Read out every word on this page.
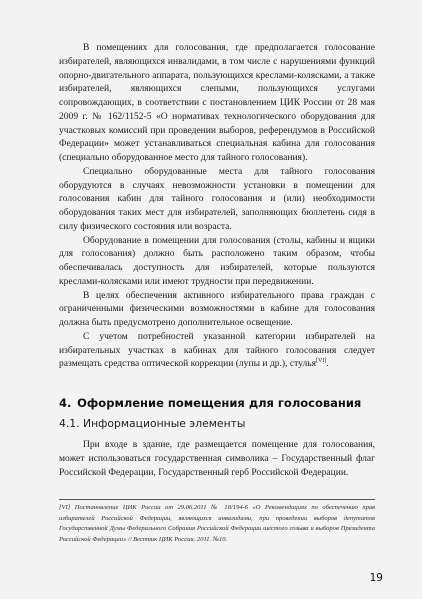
В помещениях для голосования, где предполагается голосование избирателей, являющихся инвалидами, в том числе с нарушениями функций опорно-двигательного аппарата, пользующихся креслами-колясками, а также избирателей, являющихся слепыми, пользующихся услугами сопровождающих, в соответствии с постановлением ЦИК России от 28 мая 2009 г. № 162/1152-5 «О нормативах технологического оборудования для участковых комиссий при проведении выборов, референдумов в Российской Федерации» может устанавливаться специальная кабина для голосования (специально оборудованное место для тайного голосования).

Специально оборудованные места для тайного голосования оборудуются в случаях невозможности установки в помещении для голосования кабин для тайного голосования и (или) необходимости оборудования таких мест для избирателей, заполняющих бюллетень сидя в силу физического состояния или возраста.

Оборудование в помещении для голосования (столы, кабины и ящики для голосования) должно быть расположено таким образом, чтобы обеспечивалась доступность для избирателей, которые пользуются креслами-колясками или имеют трудности при передвижении.

В целях обеспечения активного избирательного права граждан с ограниченными физическими возможностями в кабине для голосования должна быть предусмотрено дополнительное освещение.

С учетом потребностей указанной категории избирателей на избирательных участках в кабинах для тайного голосования следует размещать средства оптической коррекции (лупы и др.), стулья[VI].

4. Оформление помещения для голосования
4.1. Информационные элементы

При входе в здание, где размещается помещение для голосования, может использоваться государственная символика – Государственный флаг Российской Федерации, Государственный герб Российской Федерации.

[VI] Постановление ЦИК России от 29.06.2011 № 18/194-6 «О Рекомендациях по обеспечению прав избирателей Российской Федерации, являющихся инвалидами, при проведении выборов депутатов Государственной Думы Федерального Собрания Российской Федерации шестого созыва и выборов Президента Российской Федерации» // Вестник ЦИК России. 2011. №10.

19
